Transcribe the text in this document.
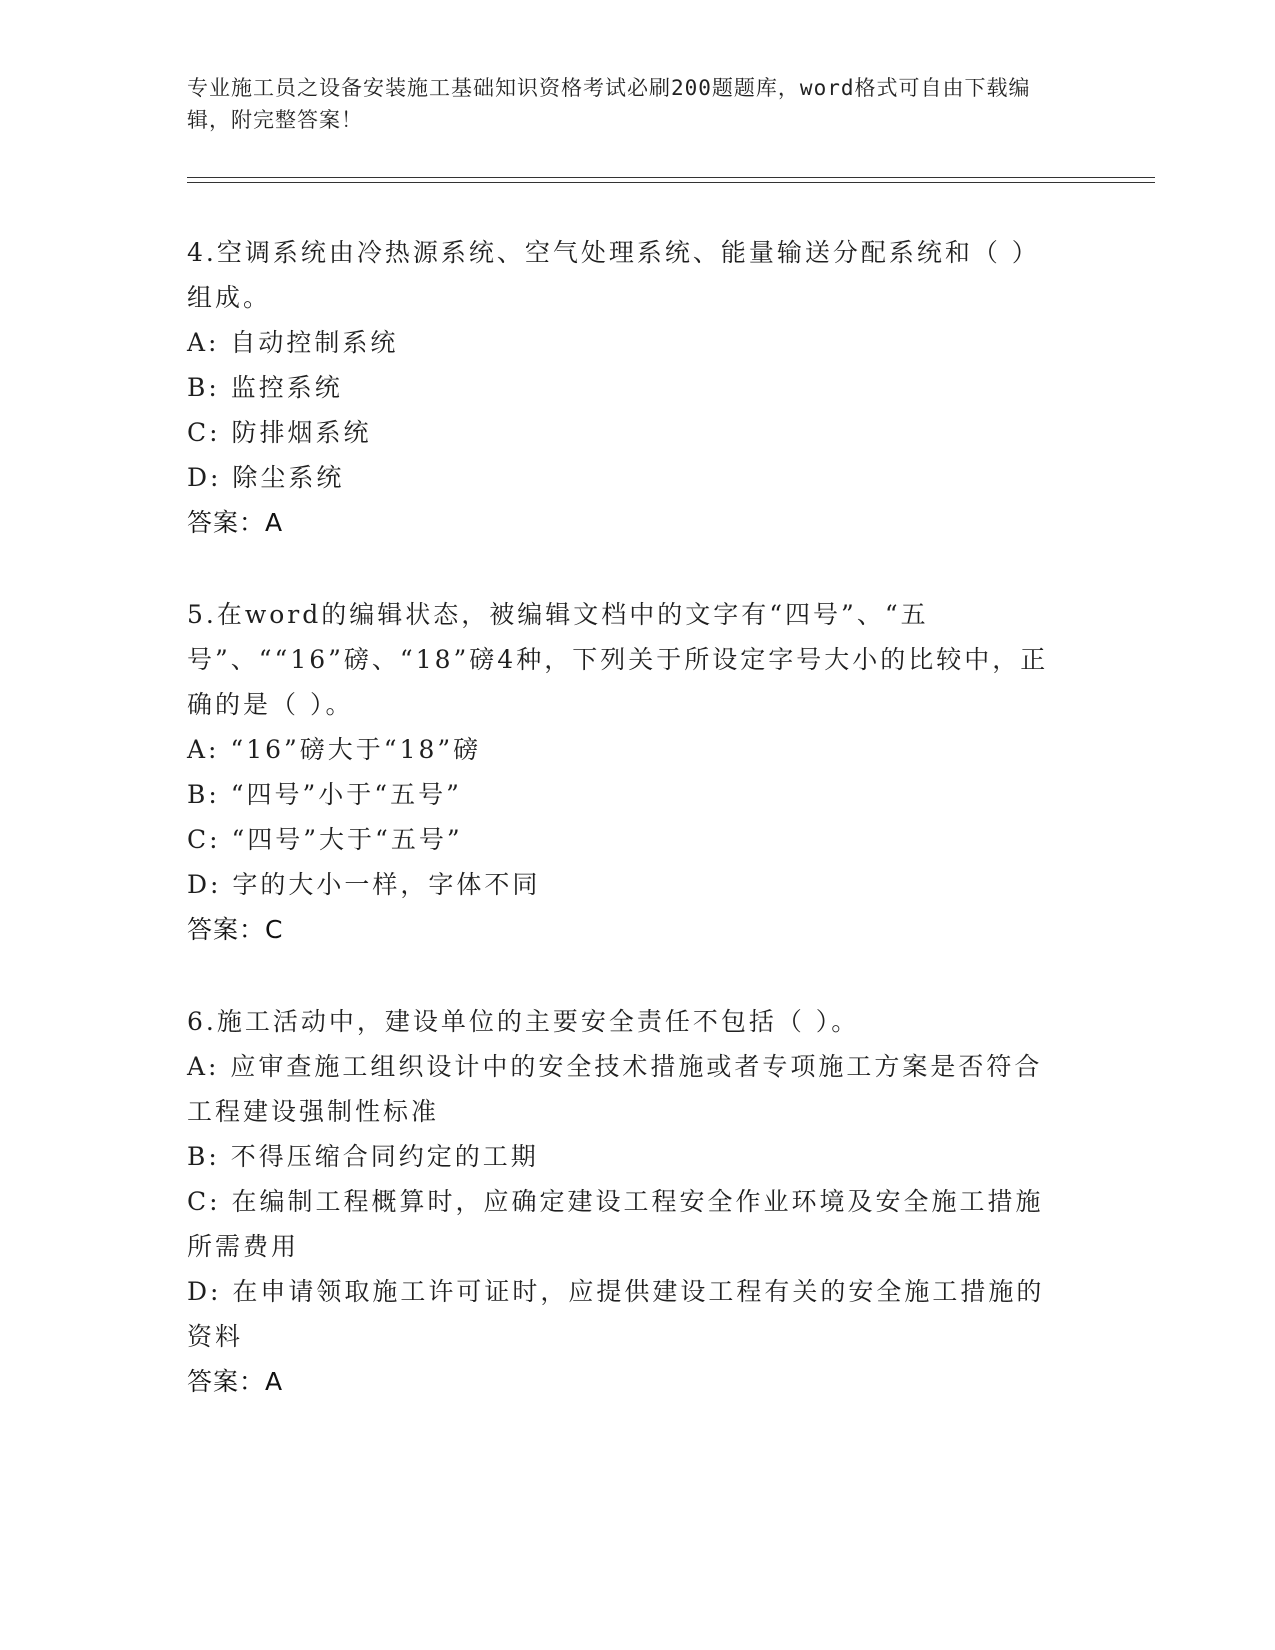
专业施工员之设备安装施工基础知识资格考试必刷200题题库，word格式可自由下载编辑，附完整答案！
4.空调系统由冷热源系统、空气处理系统、能量输送分配系统和（ ）组成。
A: 自动控制系统
B: 监控系统
C: 防排烟系统
D: 除尘系统
答案：A
5.在word的编辑状态，被编辑文档中的文字有“四号”、“五号”、““16”磅、“18”磅4种，下列关于所设定字号大小的比较中，正确的是（ ）。
A: “16”磅大于“18”磅
B: “四号”小于“五号”
C: “四号”大于“五号”
D: 字的大小一样，字体不同
答案：C
6.施工活动中，建设单位的主要安全责任不包括（ ）。
A: 应审查施工组织设计中的安全技术措施或者专项施工方案是否符合工程建设强制性标准
B: 不得压缩合同约定的工期
C: 在编制工程概算时，应确定建设工程安全作业环境及安全施工措施所需费用
D: 在申请领取施工许可证时，应提供建设工程有关的安全施工措施的资料
答案：A
